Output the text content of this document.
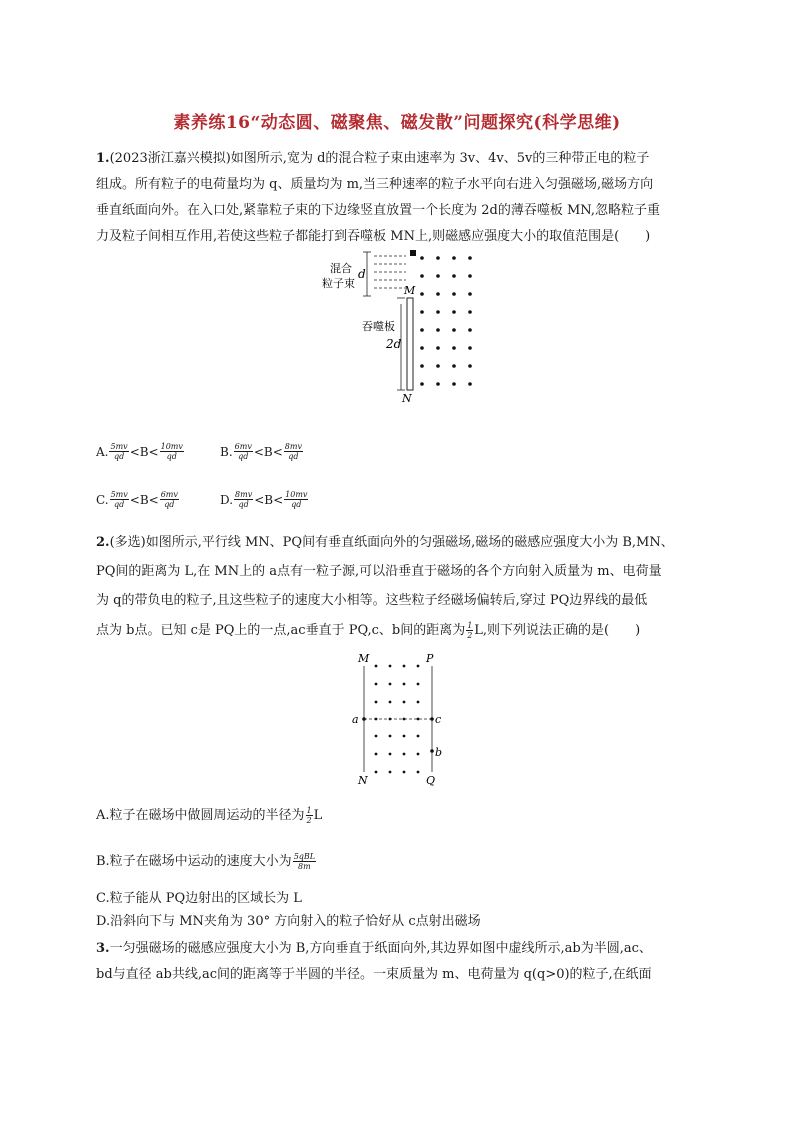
素养练16“动态圆、磁聚焦、磁发散”问题探究(科学思维)
1.(2023浙江嘉兴模拟)如图所示,宽为 d的混合粒子束由速率为 3v、4v、5v的三种带正电的粒子
组成。所有粒子的电荷量均为 q、质量均为 m,当三种速率的粒子水平向右进入匀强磁场,磁场方向
垂直纸面向外。在入口处,紧靠粒子束的下边缘竖直放置一个长度为 2d的薄吞噬板 MN,忽略粒子重
力及粒子间相互作用,若使这些粒子都能打到吞噬板 MN上,则磁感应强度大小的取值范围是(　　)
混合
粒子束
d
M
吞噬板
2d
N
A. $\frac{5mv}{qd} <B< \frac{10mv}{qd}$	B. $\frac{6mv}{qd} <B< \frac{8mv}{qd}$
C. $\frac{5mv}{qd} <B< \frac{6mv}{qd}$	D. $\frac{8mv}{qd} <B< \frac{10mv}{qd}$
2.(多选)如图所示,平行线 MN、PQ间有垂直纸面向外的匀强磁场,磁场的磁感应强度大小为 B,MN、
PQ间的距离为 L,在 MN上的 a点有一粒子源,可以沿垂直于磁场的各个方向射入质量为 m、电荷量
为 q的带负电的粒子,且这些粒子的速度大小相等。这些粒子经磁场偏转后,穿过 PQ边界线的最低
点为 b点。已知 c是 PQ上的一点,ac垂直于 PQ,c、b间的距离为 $\frac{1}{2} L$,则下列说法正确的是(　　)
M	P
a	c
b
N	Q
A.粒子在磁场中做圆周运动的半径为 $\frac{1}{2}$ L
B.粒子在磁场中运动的速度大小为 $\frac{\text{5qBL}}{8m}$
C.粒子能从 PQ边射出的区域长为 L
D.沿斜向下与 MN夹角为 30° 方向射入的粒子恰好从 c点射出磁场
3.一匀强磁场的磁感应强度大小为 B,方向垂直于纸面向外,其边界如图中虚线所示,ab为半圆,ac、
bd与直径 ab共线,ac间的距离等于半圆的半径。一束质量为 m、电荷量为 q(q>0)的粒子,在纸面
